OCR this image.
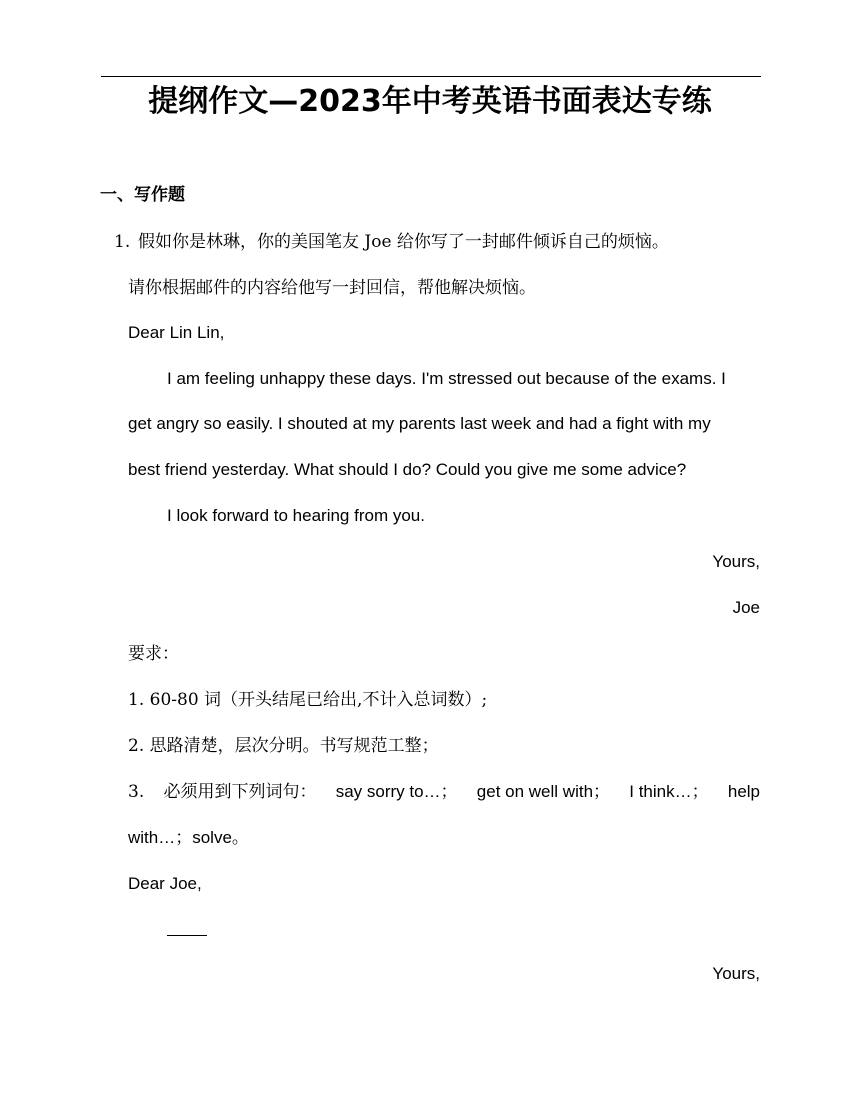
提纲作文—2023年中考英语书面表达专练
一、写作题
1. 假如你是林琳，你的美国笔友 Joe 给你写了一封邮件倾诉自己的烦恼。
请你根据邮件的内容给他写一封回信，帮他解决烦恼。
Dear Lin Lin,
I am feeling unhappy these days. I'm stressed out because of the exams. I
get angry so easily. I shouted at my parents last week and had a fight with my
best friend yesterday. What should I do? Could you give me some advice?
I look forward to hearing from you.
Yours,
Joe
要求：
1. 60-80 词（开头结尾已给出,不计入总词数）;
2. 思路清楚，层次分明。书写规范工整；
3. 必须用到下列词句： say sorry to…； get on well with； I think…； help
with…；solve。
Dear Joe,
Yours,
